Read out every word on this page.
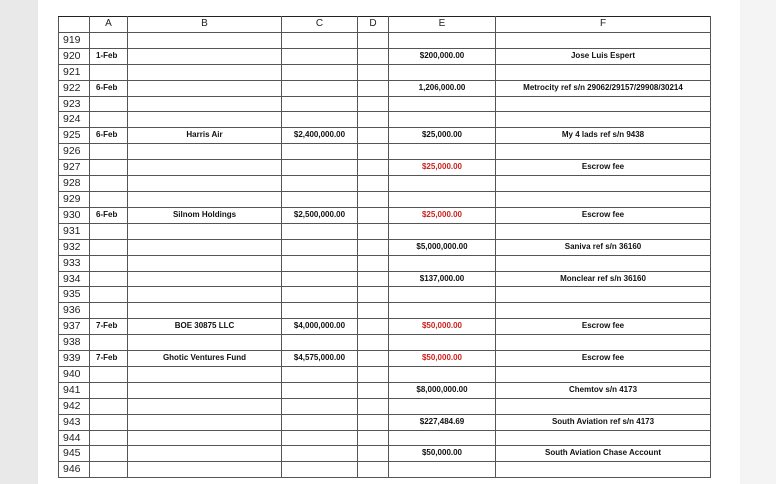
	A	B	C	D	E	F
919						
920	1-Feb				$200,000.00	Jose Luis Espert
921						
922	6-Feb				1,206,000.00	Metrocity ref s/n 29062/29157/29908/30214
923						
924						
925	6-Feb	Harris Air	$2,400,000.00		$25,000.00	My 4 lads ref s/n 9438
926						
927					$25,000.00	Escrow fee
928						
929						
930	6-Feb	Silnom Holdings	$2,500,000.00		$25,000.00	Escrow fee
931						
932					$5,000,000.00	Saniva ref s/n 36160
933						
934					$137,000.00	Monclear ref s/n 36160
935						
936						
937	7-Feb	BOE 30875 LLC	$4,000,000.00		$50,000.00	Escrow fee
938						
939	7-Feb	Ghotic Ventures Fund	$4,575,000.00		$50,000.00	Escrow fee
940						
941					$8,000,000.00	Chemtov s/n 4173
942						
943					$227,484.69	South Aviation ref s/n 4173
944						
945					$50,000.00	South Aviation Chase Account
946						
